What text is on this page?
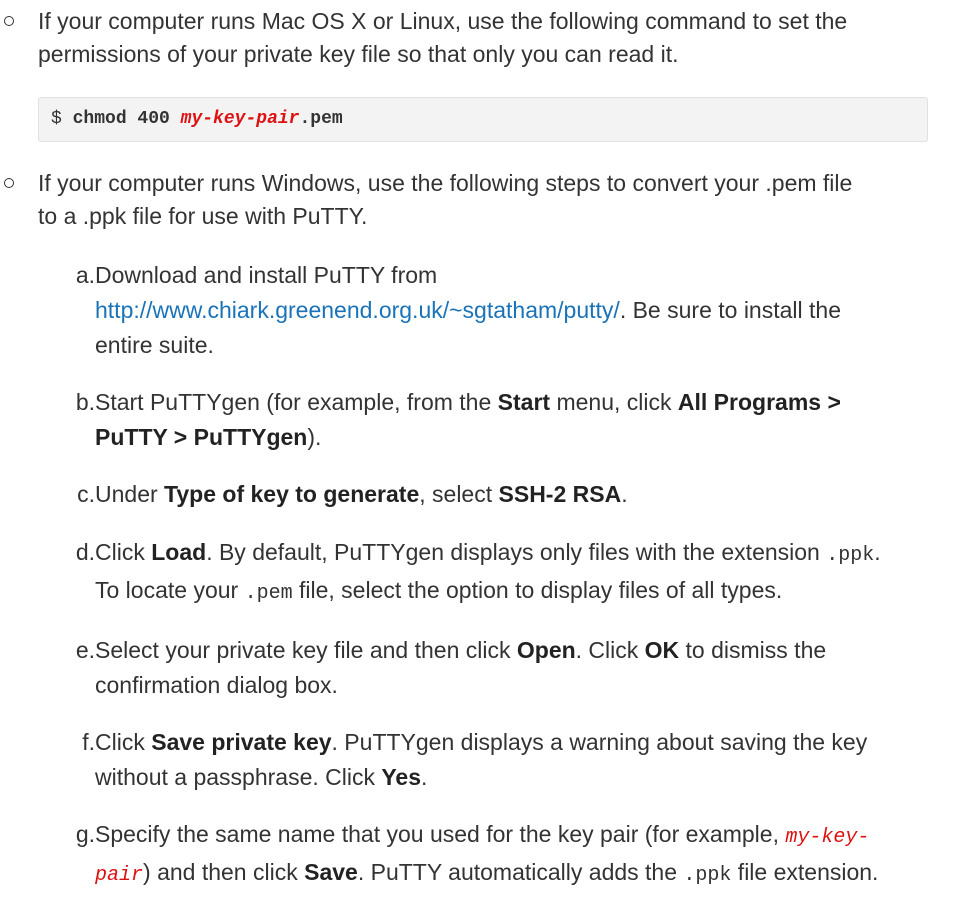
If your computer runs Mac OS X or Linux, use the following command to set the
permissions of your private key file so that only you can read it.
$ chmod 400 my-key-pair.pem
If your computer runs Windows, use the following steps to convert your .pem file
to a .ppk file for use with PuTTY.
a. Download and install PuTTY from
http://www.chiark.greenend.org.uk/~sgtatham/putty/. Be sure to install the
entire suite.
b. Start PuTTYgen (for example, from the Start menu, click All Programs >
PuTTY > PuTTYgen).
c. Under Type of key to generate, select SSH-2 RSA.
d. Click Load. By default, PuTTYgen displays only files with the extension .ppk.
To locate your .pem file, select the option to display files of all types.
e. Select your private key file and then click Open. Click OK to dismiss the
confirmation dialog box.
f. Click Save private key. PuTTYgen displays a warning about saving the key
without a passphrase. Click Yes.
g. Specify the same name that you used for the key pair (for example, my-key-
pair) and then click Save. PuTTY automatically adds the .ppk file extension.
